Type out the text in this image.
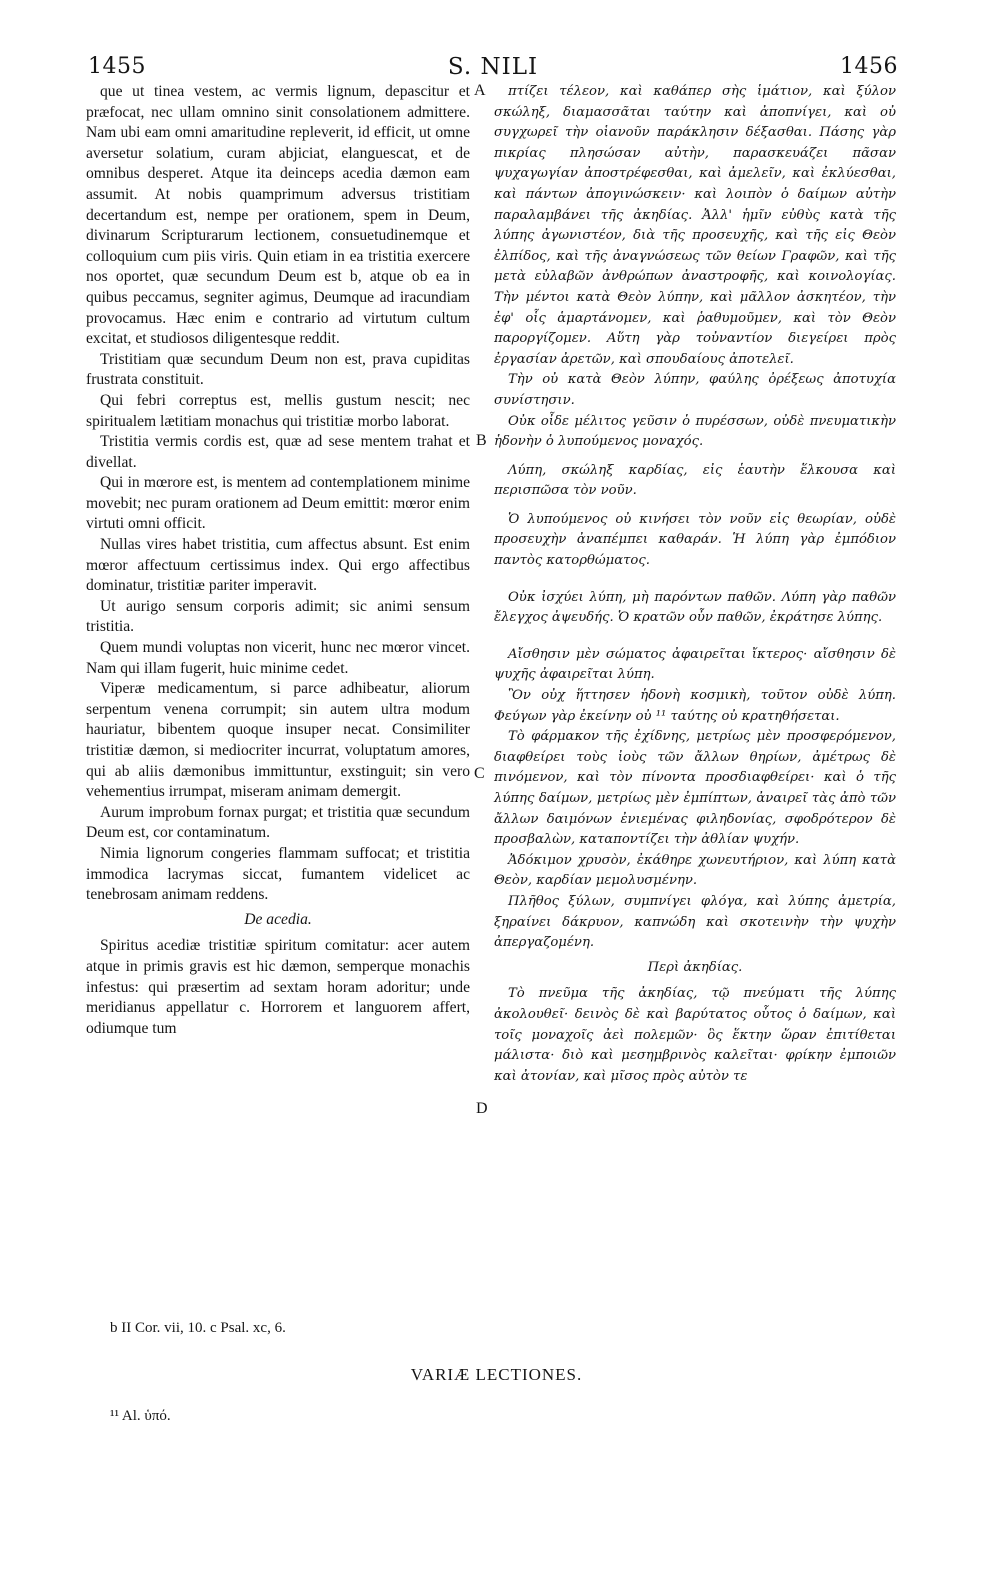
1455	S. NILI	1456

que ut tinea vestem, ac vermis lignum, depascitur et præfocat, nec ullam omnino sinit consolationem admittere. Nam ubi eam omni amaritudine repleverit, id efficit, ut omne aversetur solatium, curam abjiciat, elanguescat, et de omnibus desperet. Atque ita deinceps acedia dæmon eam assumit. At nobis quamprimum adversus tristitiam decertandum est, nempe per orationem, spem in Deum, divinarum Scripturarum lectionem, consuetudinemque et colloquium cum piis viris. Quin etiam in ea tristitia exercere nos oportet, quæ secundum Deum est b, atque ob ea in quibus peccamus, segniter agimus, Deumque ad iracundiam provocamus. Hæc enim e contrario ad virtutum cultum excitat, et studiosos diligentesque reddit.

Tristitiam quæ secundum Deum non est, prava cupiditas frustrata constituit.

Qui febri correptus est, mellis gustum nescit; nec spiritualem lætitiam monachus qui tristitiæ morbo laborat.

Tristitia vermis cordis est, quæ ad sese mentem trahat et divellat.

Qui in mœrore est, is mentem ad contemplationem minime movebit; nec puram orationem ad Deum emittit: mœror enim virtuti omni officit.

Nullas vires habet tristitia, cum affectus absunt. Est enim mœror affectuum certissimus index. Qui ergo affectibus dominatur, tristitiæ pariter imperavit.

Ut aurigo sensum corporis adimit; sic animi sensum tristitia.

Quem mundi voluptas non vicerit, hunc nec mœror vincet. Nam qui illam fugerit, huic minime cedet.

Viperæ medicamentum, si parce adhibeatur, aliorum serpentum venena corrumpit; sin autem ultra modum hauriatur, bibentem quoque insuper necat. Consimiliter tristitiæ dæmon, si mediocriter incurrat, voluptatum amores, qui ab aliis dæmonibus immittuntur, exstinguit; sin vero vehementius irrumpat, miseram animam demergit.

Aurum improbum fornax purgat; et tristitia quæ secundum Deum est, cor contaminatum.

Nimia lignorum congeries flammam suffocat; et tristitia immodica lacrymas siccat, fumantem videlicet ac tenebrosam animam reddens.

De acedia.

Spiritus acediæ tristitiæ spiritum comitatur: acer autem atque in primis gravis est hic dæmon, semperque monachis infestus: qui præsertim ad sextam horam adoritur; unde meridianus appellatur c. Horrorem et languorem affert, odiumque tum

πτίζει τέλεον, καὶ καθάπερ σὴς ἱμάτιον, καὶ ξύλον σκώληξ, διαμασσᾶται ταύτην καὶ ἀποπνίγει, καὶ οὐ συγχωρεῖ τὴν οἱανοῦν παράκλησιν δέξασθαι. Πάσης γὰρ πικρίας πλησώσαν αὐτὴν, παρασκευάζει πᾶσαν ψυχαγωγίαν ἀποστρέφεσθαι, καὶ ἀμελεῖν, καὶ ἐκλύεσθαι, καὶ πάντων ἀπογινώσκειν· καὶ λοιπὸν ὁ δαίμων αὐτὴν παραλαμβάνει τῆς ἀκηδίας. Ἀλλ' ἡμῖν εὐθὺς κατὰ τῆς λύπης ἀγωνιστέον, διὰ τῆς προσευχῆς, καὶ τῆς εἰς Θεὸν ἐλπίδος, καὶ τῆς ἀναγνώσεως τῶν θείων Γραφῶν, καὶ τῆς μετὰ εὐλαβῶν ἀνθρώπων ἀναστροφῆς, καὶ κοινολογίας. Τὴν μέντοι κατὰ Θεὸν λύπην, καὶ μᾶλλον ἀσκητέον, τὴν ἐφ' οἷς ἁμαρτάνομεν, καὶ ῥαθυμοῦμεν, καὶ τὸν Θεὸν παροργίζομεν. Αὕτη γὰρ τοὐναντίον διεγείρει πρὸς ἐργασίαν ἀρετῶν, καὶ σπουδαίους ἀποτελεῖ.

Τὴν οὐ κατὰ Θεὸν λύπην, φαύλης ὀρέξεως ἀποτυχία συνίστησιν.

Οὐκ οἶδε μέλιτος γεῦσιν ὁ πυρέσσων, οὐδὲ πνευματικὴν ἡδονὴν ὁ λυπούμενος μοναχός.

Λύπη, σκώληξ καρδίας, εἰς ἑαυτὴν ἕλκουσα καὶ περισπῶσα τὸν νοῦν.

Ὁ λυπούμενος οὐ κινήσει τὸν νοῦν εἰς θεωρίαν, οὐδὲ προσευχὴν ἀναπέμπει καθαράν. Ἡ λύπη γὰρ ἐμπόδιον παντὸς κατορθώματος.

Οὐκ ἰσχύει λύπη, μὴ παρόντων παθῶν. Λύπη γὰρ παθῶν ἔλεγχος ἀψευδής. Ὁ κρατῶν οὖν παθῶν, ἐκράτησε λύπης.

Αἴσθησιν μὲν σώματος ἀφαιρεῖται ἴκτερος· αἴσθησιν δὲ ψυχῆς ἀφαιρεῖται λύπη.

Ὃν οὐχ ἥττησεν ἡδονὴ κοσμικὴ, τοῦτον οὐδὲ λύπη. Φεύγων γὰρ ἐκείνην οὐ ¹¹ ταύτης οὐ κρατηθήσεται.

Τὸ φάρμακον τῆς ἐχίδνης, μετρίως μὲν προσφερόμενον, διαφθείρει τοὺς ἰοὺς τῶν ἄλλων θηρίων, ἀμέτρως δὲ πινόμενον, καὶ τὸν πίνοντα προσδιαφθείρει· καὶ ὁ τῆς λύπης δαίμων, μετρίως μὲν ἐμπίπτων, ἀναιρεῖ τὰς ἀπὸ τῶν ἄλλων δαιμόνων ἐνιεμένας φιληδονίας, σφοδρότερον δὲ προσβαλὼν, καταποντίζει τὴν ἀθλίαν ψυχήν.

Ἀδόκιμον χρυσὸν, ἐκάθηρε χωνευτήριον, καὶ λύπη κατὰ Θεὸν, καρδίαν μεμολυσμένην.

Πλῆθος ξύλων, συμπνίγει φλόγα, καὶ λύπης ἀμετρία, ξηραίνει δάκρυον, καπνώδη καὶ σκοτεινὴν τὴν ψυχὴν ἀπεργαζομένη.

Περὶ ἀκηδίας.

Τὸ πνεῦμα τῆς ἀκηδίας, τῷ πνεύματι τῆς λύπης ἀκολουθεῖ· δεινὸς δὲ καὶ βαρύτατος οὗτος ὁ δαίμων, καὶ τοῖς μοναχοῖς ἀεὶ πολεμῶν· ὃς ἕκτην ὥραν ἐπιτίθεται μάλιστα· διὸ καὶ μεσημβρινὸς καλεῖται· φρίκην ἐμποιῶν καὶ ἀτονίαν, καὶ μῖσος πρὸς αὐτὸν τε

A
B
C
D
b II Cor. vii, 10. c Psal. xc, 6.
VARIÆ LECTIONES.
¹¹ Al. ὑπό.
